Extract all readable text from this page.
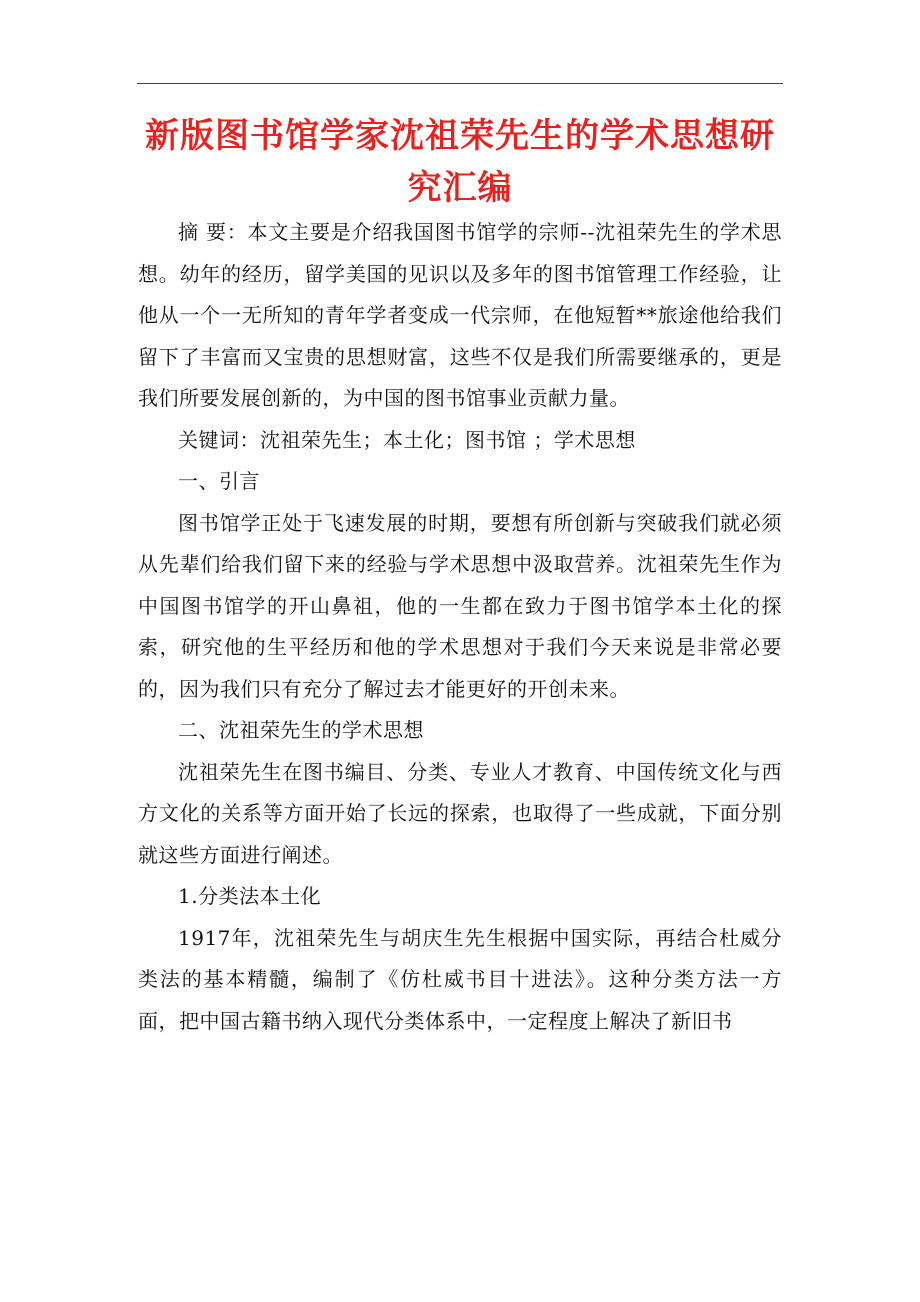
新版图书馆学家沈祖荣先生的学术思想研
究汇编

摘 要：本文主要是介绍我国图书馆学的宗师--沈祖荣先生的学术思想。幼年的经历，留学美国的见识以及多年的图书馆管理工作经验，让他从一个一无所知的青年学者变成一代宗师，在他短暂**旅途他给我们留下了丰富而又宝贵的思想财富，这些不仅是我们所需要继承的，更是我们所要发展创新的，为中国的图书馆事业贡献力量。

关键词：沈祖荣先生；本土化；图书馆 ；学术思想

一、引言

图书馆学正处于飞速发展的时期，要想有所创新与突破我们就必须从先辈们给我们留下来的经验与学术思想中汲取营养。沈祖荣先生作为中国图书馆学的开山鼻祖，他的一生都在致力于图书馆学本土化的探索，研究他的生平经历和他的学术思想对于我们今天来说是非常必要的，因为我们只有充分了解过去才能更好的开创未来。

二、沈祖荣先生的学术思想

沈祖荣先生在图书编目、分类、专业人才教育、中国传统文化与西方文化的关系等方面开始了长远的探索，也取得了一些成就，下面分别就这些方面进行阐述。

1.分类法本土化

1917年，沈祖荣先生与胡庆生先生根据中国实际，再结合杜威分类法的基本精髓，编制了《仿杜威书目十进法》。这种分类方法一方面，把中国古籍书纳入现代分类体系中，一定程度上解决了新旧书
